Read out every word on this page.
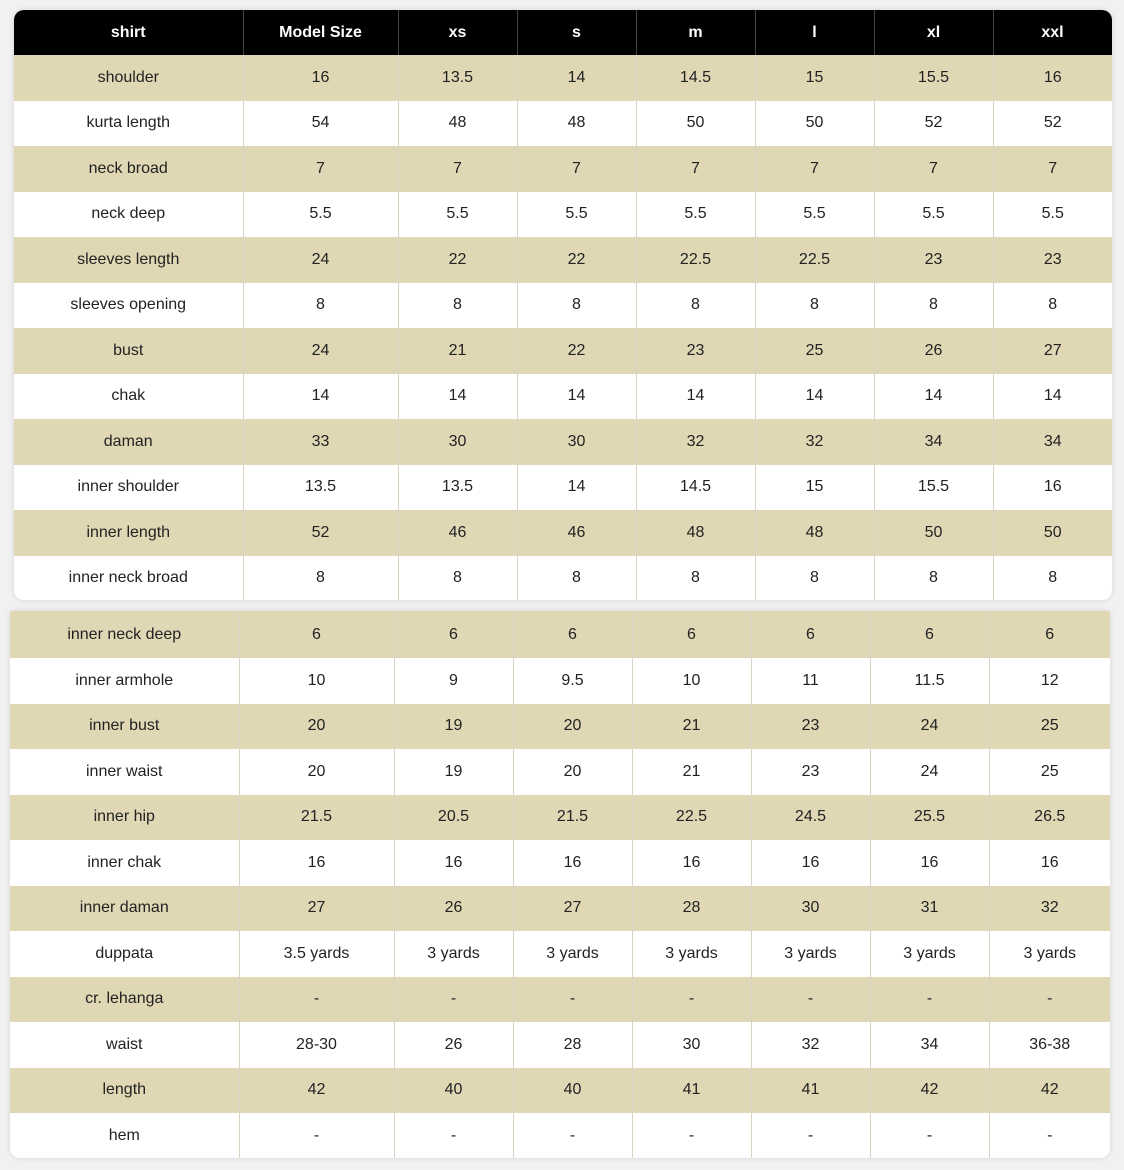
shirt	Model Size	xs	s	m	l	xl	xxl
shoulder	16	13.5	14	14.5	15	15.5	16
kurta length	54	48	48	50	50	52	52
neck broad	7	7	7	7	7	7	7
neck deep	5.5	5.5	5.5	5.5	5.5	5.5	5.5
sleeves length	24	22	22	22.5	22.5	23	23
sleeves opening	8	8	8	8	8	8	8
bust	24	21	22	23	25	26	27
chak	14	14	14	14	14	14	14
daman	33	30	30	32	32	34	34
inner shoulder	13.5	13.5	14	14.5	15	15.5	16
inner length	52	46	46	48	48	50	50
inner neck broad	8	8	8	8	8	8	8
inner neck deep	6	6	6	6	6	6	6
inner armhole	10	9	9.5	10	11	11.5	12
inner bust	20	19	20	21	23	24	25
inner waist	20	19	20	21	23	24	25
inner hip	21.5	20.5	21.5	22.5	24.5	25.5	26.5
inner chak	16	16	16	16	16	16	16
inner daman	27	26	27	28	30	31	32
duppata	3.5 yards	3 yards	3 yards	3 yards	3 yards	3 yards	3 yards
cr. lehanga	-	-	-	-	-	-	-
waist	28-30	26	28	30	32	34	36-38
length	42	40	40	41	41	42	42
hem	-	-	-	-	-	-	-
